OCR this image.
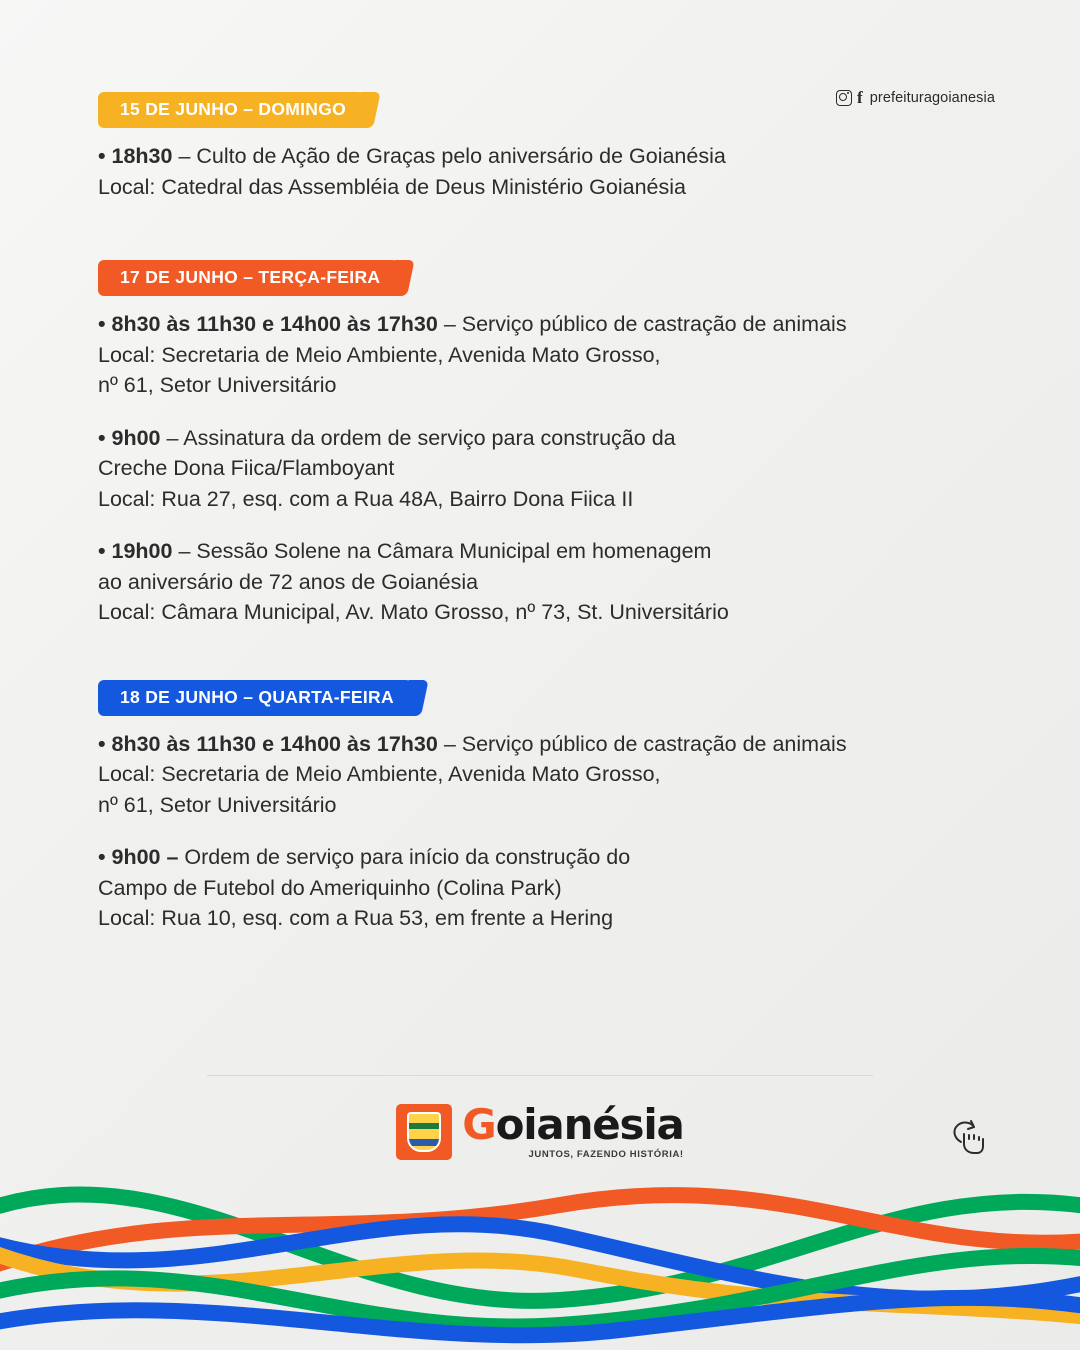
f prefeituragoianesia
15 DE JUNHO – DOMINGO

• 18h30 – Culto de Ação de Graças pelo aniversário de Goianésia
Local: Catedral das Assembléia de Deus Ministério Goianésia

17 DE JUNHO – TERÇA-FEIRA

• 8h30 às 11h30 e 14h00 às 17h30 – Serviço público de castração de animais
Local: Secretaria de Meio Ambiente, Avenida Mato Grosso,
nº 61, Setor Universitário

• 9h00 – Assinatura da ordem de serviço para construção da
Creche Dona Fiica/Flamboyant
Local: Rua 27, esq. com a Rua 48A, Bairro Dona Fiica II

• 19h00 – Sessão Solene na Câmara Municipal em homenagem
ao aniversário de 72 anos de Goianésia
Local: Câmara Municipal, Av. Mato Grosso, nº 73, St. Universitário

18 DE JUNHO – QUARTA-FEIRA

• 8h30 às 11h30 e 14h00 às 17h30 – Serviço público de castração de animais
Local: Secretaria de Meio Ambiente, Avenida Mato Grosso,
nº 61, Setor Universitário

• 9h00 – Ordem de serviço para início da construção do
Campo de Futebol do Ameriquinho (Colina Park)
Local: Rua 10, esq. com a Rua 53, em frente a Hering

Goianésia
JUNTOS, FAZENDO HISTÓRIA!
